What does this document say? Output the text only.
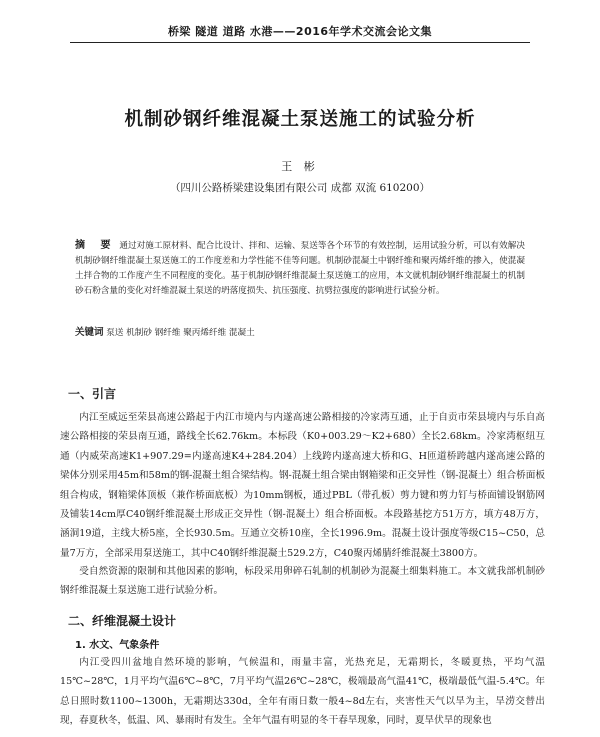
桥梁 隧道 道路 水港——2016年学术交流会论文集
机制砂钢纤维混凝土泵送施工的试验分析
王 彬
（四川公路桥梁建设集团有限公司 成都 双流 610200）
摘 要 通过对施工原材料、配合比设计、拌和、运输、泵送等各个环节的有效控制，运用试验分析，可以有效解决机制砂钢纤维混凝土泵送施工的工作度差和力学性能不佳等问题。机制砂混凝土中钢纤维和聚丙烯纤维的掺入，使混凝土拌合物的工作度产生不同程度的变化。基于机制砂钢纤维混凝土泵送施工的应用，本文就机制砂钢纤维混凝土的机制砂石粉含量的变化对纤维混凝土泵送的坍落度损失、抗压强度、抗劈拉强度的影响进行试验分析。
关键词 泵送 机制砂 钢纤维 聚丙烯纤维 混凝土
一、引言
内江至威远至荣县高速公路起于内江市境内与内遂高速公路相接的冷家湾互通，止于自贡市荣县境内与乐自高速公路相接的荣县南互通，路线全长62.76km。本标段（K0+003.29～K2+680）全长2.68km。冷家湾枢纽互通（内威荣高速K1+907.29=内遂高速K4+284.204）上线跨内遂高速大桥和G、H匝道桥跨越内遂高速公路的梁体分别采用45m和58m的钢-混凝土组合梁结构。钢-混凝土组合梁由钢箱梁和正交异性（钢-混凝土）组合桥面板组合构成，钢箱梁体顶板（兼作桥面底板）为10mm钢板，通过PBL（带孔板）剪力键和剪力钉与桥面铺设钢筋网及铺装14cm厚C40钢纤维混凝土形成正交异性（钢-混凝土）组合桥面板。本段路基挖方51万方，填方48万方，涵洞19道，主线大桥5座，全长930.5m。互通立交桥10座，全长1996.9m。混凝土设计强度等级C15~C50，总量7万方，全部采用泵送施工，其中C40钢纤维混凝土529.2方，C40聚丙烯腈纤维混凝土3800方。
受自然资源的限制和其他因素的影响，标段采用卵碎石轧制的机制砂为混凝土细集料施工。本文就我部机制砂钢纤维混凝土泵送施工进行试验分析。
二、纤维混凝土设计
1. 水文、气象条件
内江受四川盆地自然环境的影响，气候温和，雨量丰富，光热充足，无霜期长，冬暖夏热，平均气温15℃~28℃，1月平均气温6℃~8℃，7月平均气温26℃~28℃，极端最高气温41℃，极端最低气温-5.4℃。年总日照时数1100~1300h，无霜期达330d，全年有雨日数一般4~8d左右，夹害性天气以旱为主，旱涝交替出现，春夏秋冬，低温、风、暴雨时有发生。全年气温有明显的冬干春旱现象，同时，夏旱伏旱的现象也
